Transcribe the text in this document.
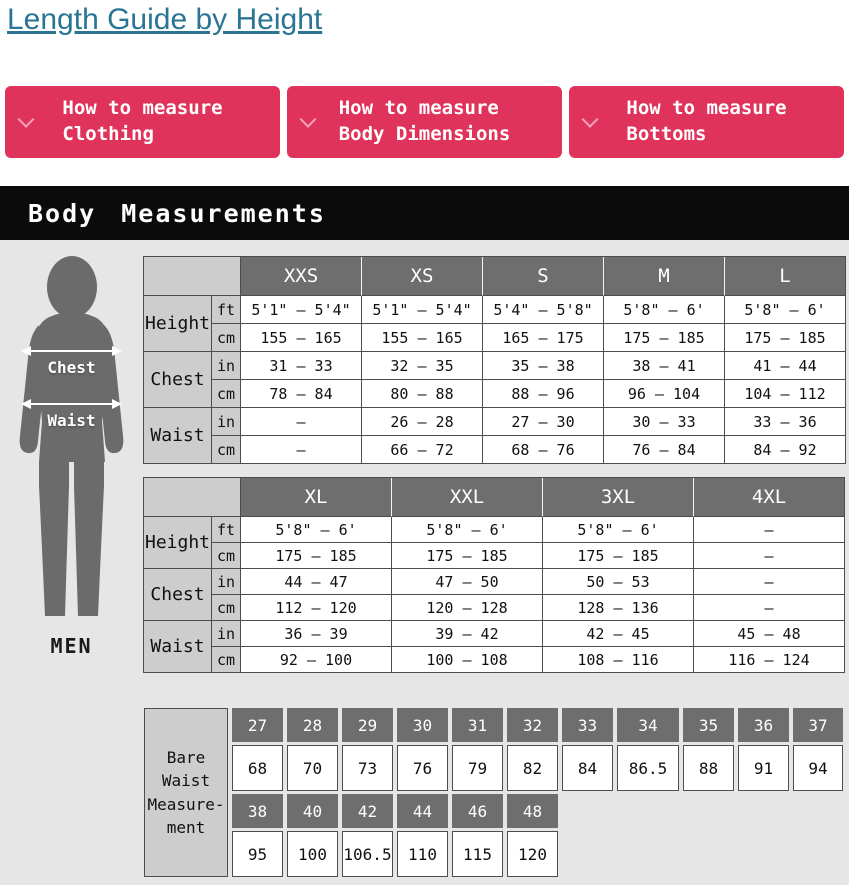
Length Guide by Height
How to measure
Clothing
How to measure
Body Dimensions
How to measure
Bottoms
Body Measurements
Chest
Waist
MEN
		XXS	XS	S	M	L
Height	ft	5'1" – 5'4"	5'1" – 5'4"	5'4" – 5'8"	5'8" – 6'	5'8" – 6'
	cm	155 – 165	155 – 165	165 – 175	175 – 185	175 – 185
Chest	in	31 – 33	32 – 35	35 – 38	38 – 41	41 – 44
	cm	78 – 84	80 – 88	88 – 96	96 – 104	104 – 112
Waist	in	–	26 – 28	27 – 30	30 – 33	33 – 36
	cm	–	66 – 72	68 – 76	76 – 84	84 – 92
		XL	XXL	3XL	4XL
Height	ft	5'8" – 6'	5'8" – 6'	5'8" – 6'	–
	cm	175 – 185	175 – 185	175 – 185	–
Chest	in	44 – 47	47 – 50	50 – 53	–
	cm	112 – 120	120 – 128	128 – 136	–
Waist	in	36 – 39	39 – 42	42 – 45	45 – 48
	cm	92 – 100	100 – 108	108 – 116	116 – 124
Bare Waist
Measure-
ment	27	28	29	30	31	32	33	34	35	36	37
	68	70	73	76	79	82	84	86.5	88	91	94
	38	40	42	44	46	48					
	95	100	106.5	110	115	120					
